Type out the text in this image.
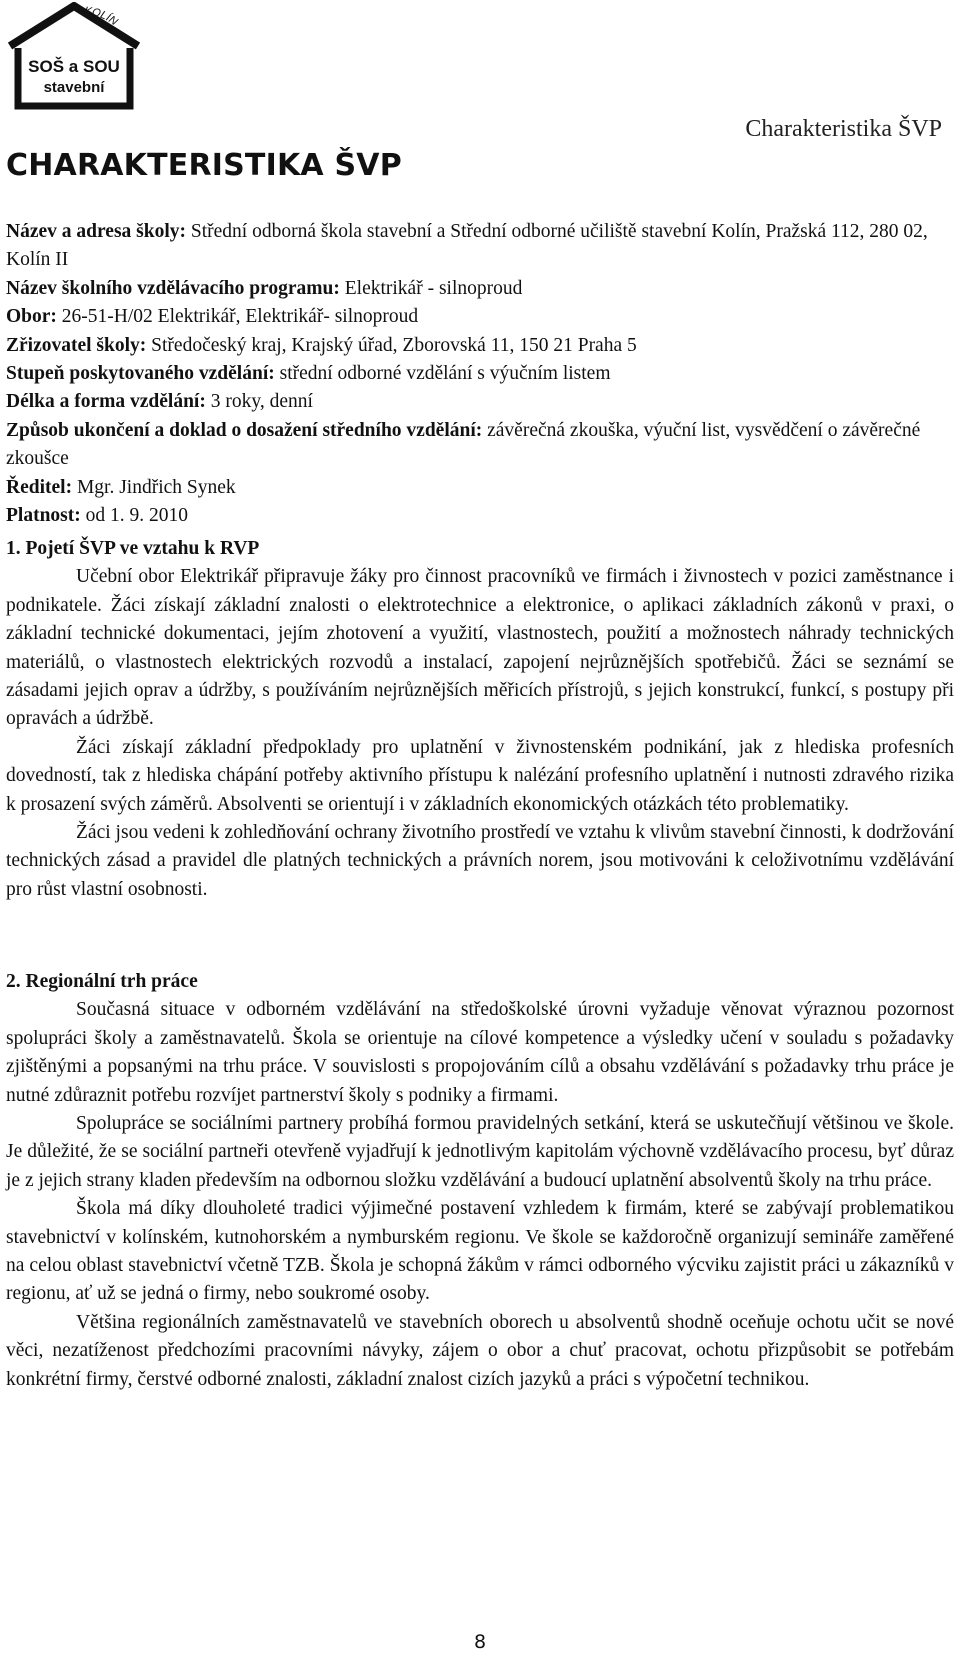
KOLÍN
SOŠ a SOU
stavební
Charakteristika ŠVP
CHARAKTERISTIKA ŠVP

Název a adresa školy: Střední odborná škola stavební a Střední odborné učiliště stavební Kolín, Pražská 112, 280 02, Kolín II

Název školního vzdělávacího programu: Elektrikář - silnoproud

Obor: 26-51-H/02 Elektrikář, Elektrikář- silnoproud

Zřizovatel školy: Středočeský kraj, Krajský úřad, Zborovská 11, 150 21 Praha 5

Stupeň poskytovaného vzdělání: střední odborné vzdělání s výučním listem

Délka a forma vzdělání: 3 roky, denní

Způsob ukončení a doklad o dosažení středního vzdělání: závěrečná zkouška, výuční list, vysvědčení o závěrečné zkoušce

Ředitel: Mgr. Jindřich Synek

Platnost: od 1. 9. 2010

1. Pojetí ŠVP ve vztahu k RVP

Učební obor Elektrikář připravuje žáky pro činnost pracovníků ve firmách i živnostech v pozici zaměstnance i podnikatele. Žáci získají základní znalosti o elektrotechnice a elektronice, o aplikaci základních zákonů v praxi, o základní technické dokumentaci, jejím zhotovení a využití, vlastnostech, použití a možnostech náhrady technických materiálů, o vlastnostech elektrických rozvodů a instalací, zapojení nejrůznějších spotřebičů. Žáci se seznámí se zásadami jejich oprav a údržby, s používáním nejrůznějších měřicích přístrojů, s jejich konstrukcí, funkcí, s postupy při opravách a údržbě.

Žáci získají základní předpoklady pro uplatnění v živnostenském podnikání, jak z hlediska profesních dovedností, tak z hlediska chápání potřeby aktivního přístupu k nalézání profesního uplatnění i nutnosti zdravého rizika k prosazení svých záměrů. Absolventi se orientují i v základních ekonomických otázkách této problematiky.

Žáci jsou vedeni k zohledňování ochrany životního prostředí ve vztahu k vlivům stavební činnosti, k dodržování technických zásad a pravidel dle platných technických a právních norem, jsou motivováni k celoživotnímu vzdělávání pro růst vlastní osobnosti.

2. Regionální trh práce

Současná situace v odborném vzdělávání na středoškolské úrovni vyžaduje věnovat výraznou pozornost spolupráci školy a zaměstnavatelů. Škola se orientuje na cílové kompetence a výsledky učení v souladu s požadavky zjištěnými a popsanými na trhu práce. V souvislosti s propojováním cílů a obsahu vzdělávání s požadavky trhu práce je nutné zdůraznit potřebu rozvíjet partnerství školy s podniky a firmami.

Spolupráce se sociálními partnery probíhá formou pravidelných setkání, která se uskutečňují většinou ve škole. Je důležité, že se sociální partneři otevřeně vyjadřují k jednotlivým kapitolám výchovně vzdělávacího procesu, byť důraz je z jejich strany kladen především na odbornou složku vzdělávání a budoucí uplatnění absolventů školy na trhu práce.

Škola má díky dlouholeté tradici výjimečné postavení vzhledem k firmám, které se zabývají problematikou stavebnictví v kolínském, kutnohorském a nymburském regionu. Ve škole se každoročně organizují semináře zaměřené na celou oblast stavebnictví včetně TZB. Škola je schopná žákům v rámci odborného výcviku zajistit práci u zákazníků v regionu, ať už se jedná o firmy, nebo soukromé osoby.

Většina regionálních zaměstnavatelů ve stavebních oborech u absolventů shodně oceňuje ochotu učit se nové věci, nezatíženost předchozími pracovními návyky, zájem o obor a chuť pracovat, ochotu přizpůsobit se potřebám konkrétní firmy, čerstvé odborné znalosti, základní znalost cizích jazyků a práci s výpočetní technikou.

8
